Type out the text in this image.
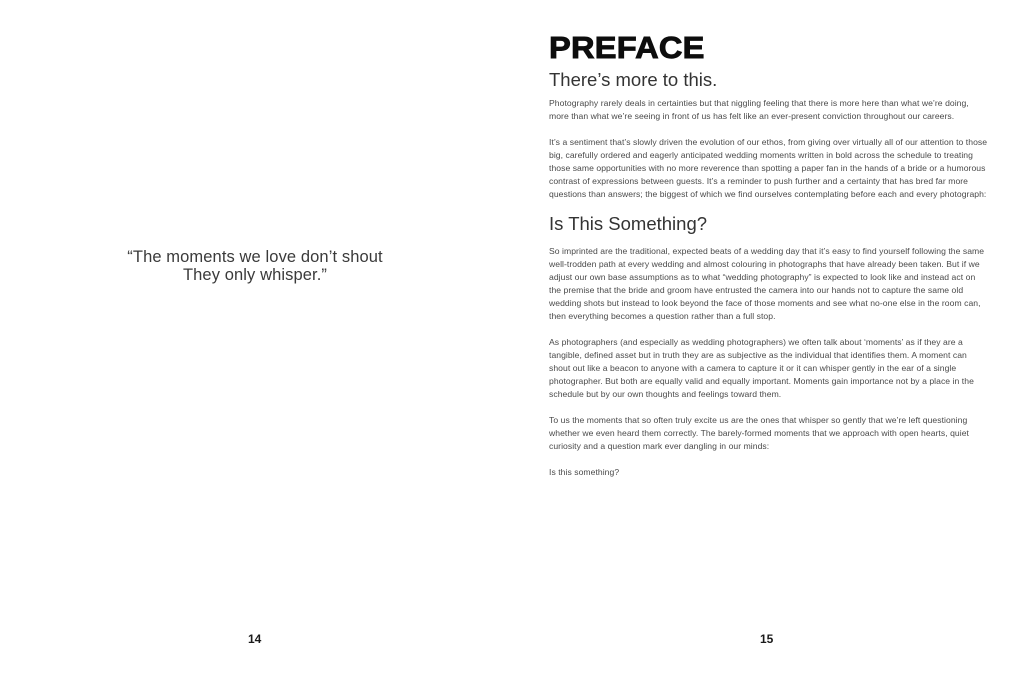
“The moments we love don’t shout
They only whisper.”
14
PREFACE
There’s more to this.

Photography rarely deals in certainties but that niggling feeling that there is more here than what we’re doing, more than what we’re seeing in front of us has felt like an ever-present conviction throughout our careers.

It’s a sentiment that’s slowly driven the evolution of our ethos, from giving over virtually all of our attention to those big, carefully ordered and eagerly anticipated wedding moments written in bold across the schedule to treating those same opportunities with no more reverence than spotting a paper fan in the hands of a bride or a humorous contrast of expressions between guests. It’s a reminder to push further and a certainty that has bred far more questions than answers; the biggest of which we find ourselves contemplating before each and every photograph:

Is This Something?

So imprinted are the traditional, expected beats of a wedding day that it’s easy to find yourself following the same well-trodden path at every wedding and almost colouring in photographs that have already been taken. But if we adjust our own base assumptions as to what “wedding photography” is expected to look like and instead act on the premise that the bride and groom have entrusted the camera into our hands not to capture the same old wedding shots but instead to look beyond the face of those moments and see what no-one else in the room can, then everything becomes a question rather than a full stop.

As photographers (and especially as wedding photographers) we often talk about ‘moments’ as if they are a tangible, defined asset but in truth they are as subjective as the individual that identifies them. A moment can shout out like a beacon to anyone with a camera to capture it or it can whisper gently in the ear of a single photographer. But both are equally valid and equally important. Moments gain importance not by a place in the schedule but by our own thoughts and feelings toward them.

To us the moments that so often truly excite us are the ones that whisper so gently that we’re left questioning whether we even heard them correctly. The barely-formed moments that we approach with open hearts, quiet curiosity and a question mark ever dangling in our minds:

Is this something?

15
